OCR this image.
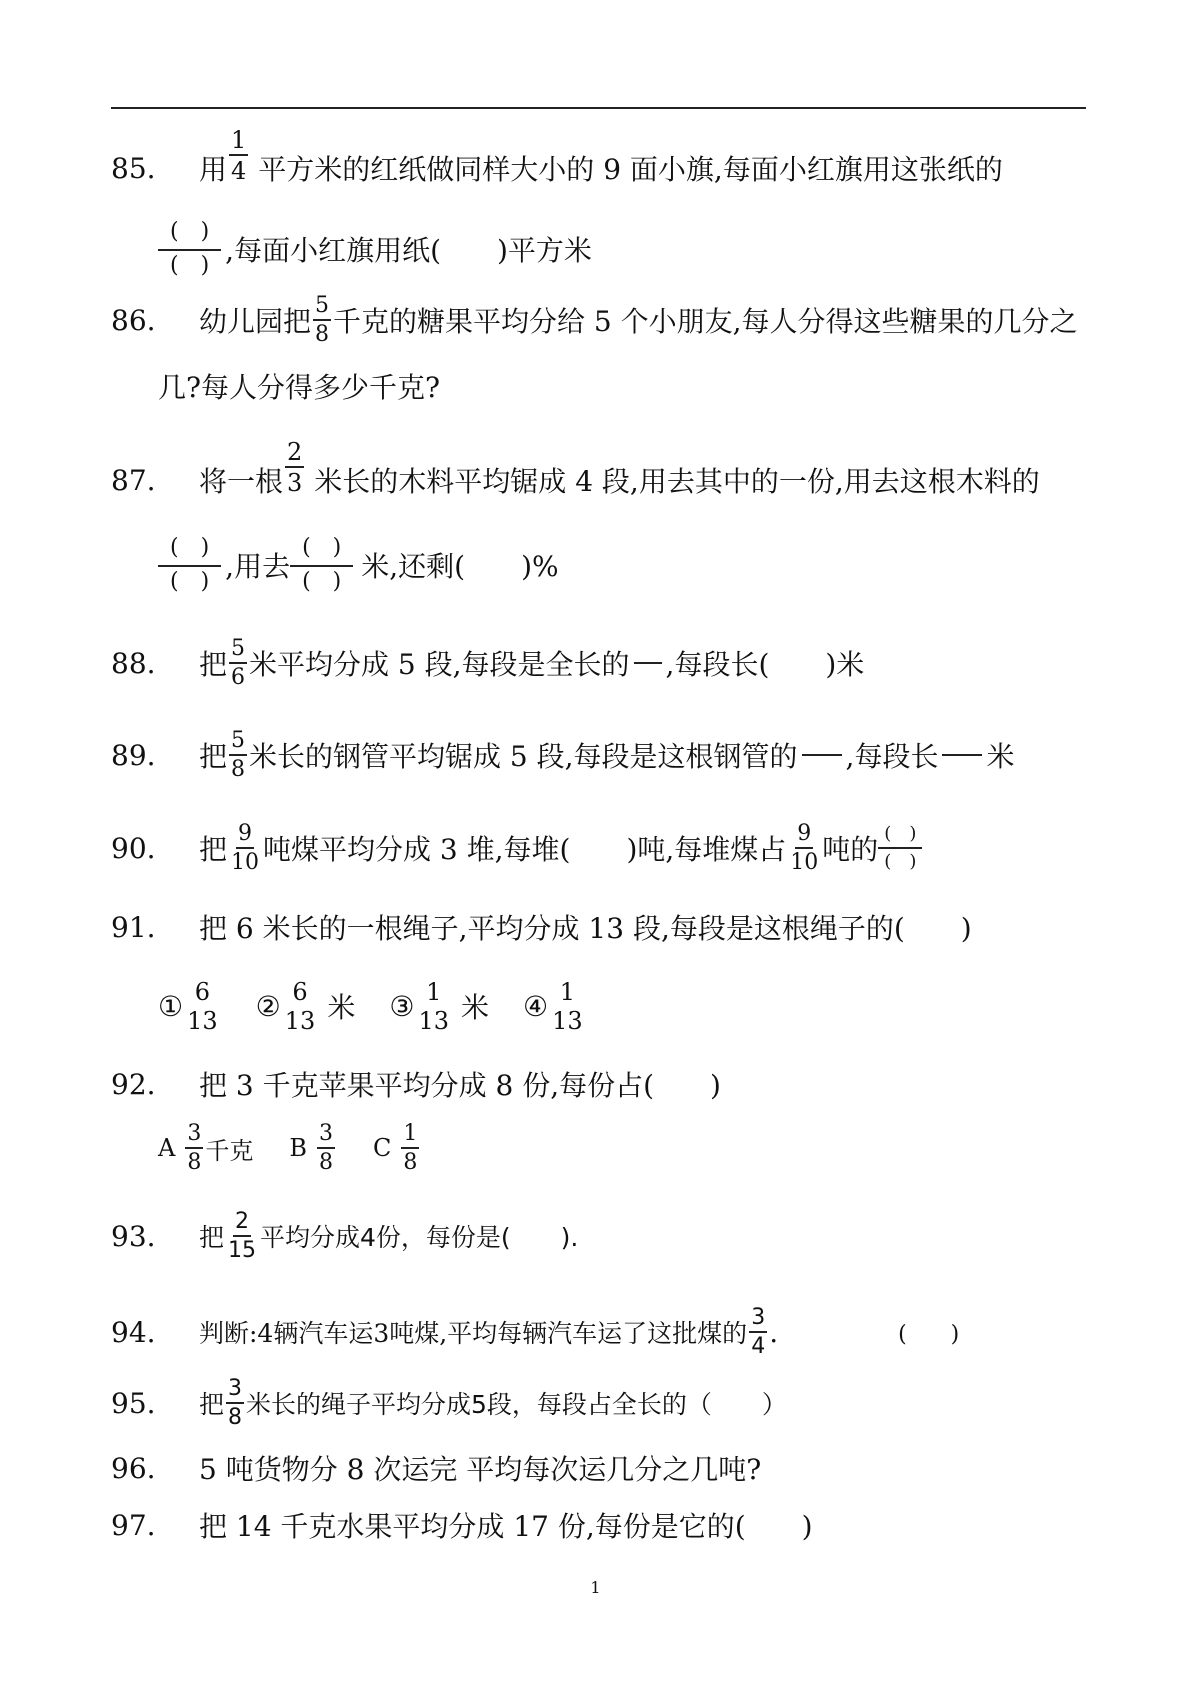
85.	用 $\frac{1}{4}$ 平方米的红纸做同样大小的 9 面小旗,每面小红旗用这张纸的
(　)
(　) ,每面小红旗用纸(　　)平方米
86.	幼儿园把 $\frac{5}{8}$ 千克的糖果平均分给 5 个小朋友,每人分得这些糖果的几分之
几?每人分得多少千克?
87.	将一根 $\frac{2}{3}$ 米长的木料平均锯成 4 段,用去其中的一份,用去这根木料的
(　)
(　) ,用去
(　)
(　) 米,还剩(　　)%
88.	把 $\frac{5}{6}$ 米平均分成 5 段,每段是全长的 ,每段长(　　)米
89.	把 $\frac{5}{8}$ 米长的钢管平均锯成 5 段,每段是这根钢管的 ,每段长 米
90.	把 $\frac{9}{10}$ 吨煤平均分成 3 堆,每堆(　　)吨,每堆煤占 $\frac{9}{10}$ 吨的 (　)
(　)
91.	把 6 米长的一根绳子,平均分成 13 段,每段是这根绳子的(　　)
① 6
13 ② 6
13 米 ③ 1
13 米 ④ 1
13
92.	把 3 千克苹果平均分成 8 份,每份占(　　)
A $\frac{3}{8}$ 千克 B $\frac{3}{8}$ C $\frac{1}{8}$
93.	把 $\frac{2}{15}$ 平均分成4份，每份是(　　).
94.	判断:4辆汽车运3吨煤,平均每辆汽车运了这批煤的 $\frac{3}{4}$ .	(　　)
95.	把 $\frac{3}{8}$ 米长的绳子平均分成5段，每段占全长的（　　）
96.	5 吨货物分 8 次运完 平均每次运几分之几吨?
97.	把 14 千克水果平均分成 17 份,每份是它的(　　)
1
